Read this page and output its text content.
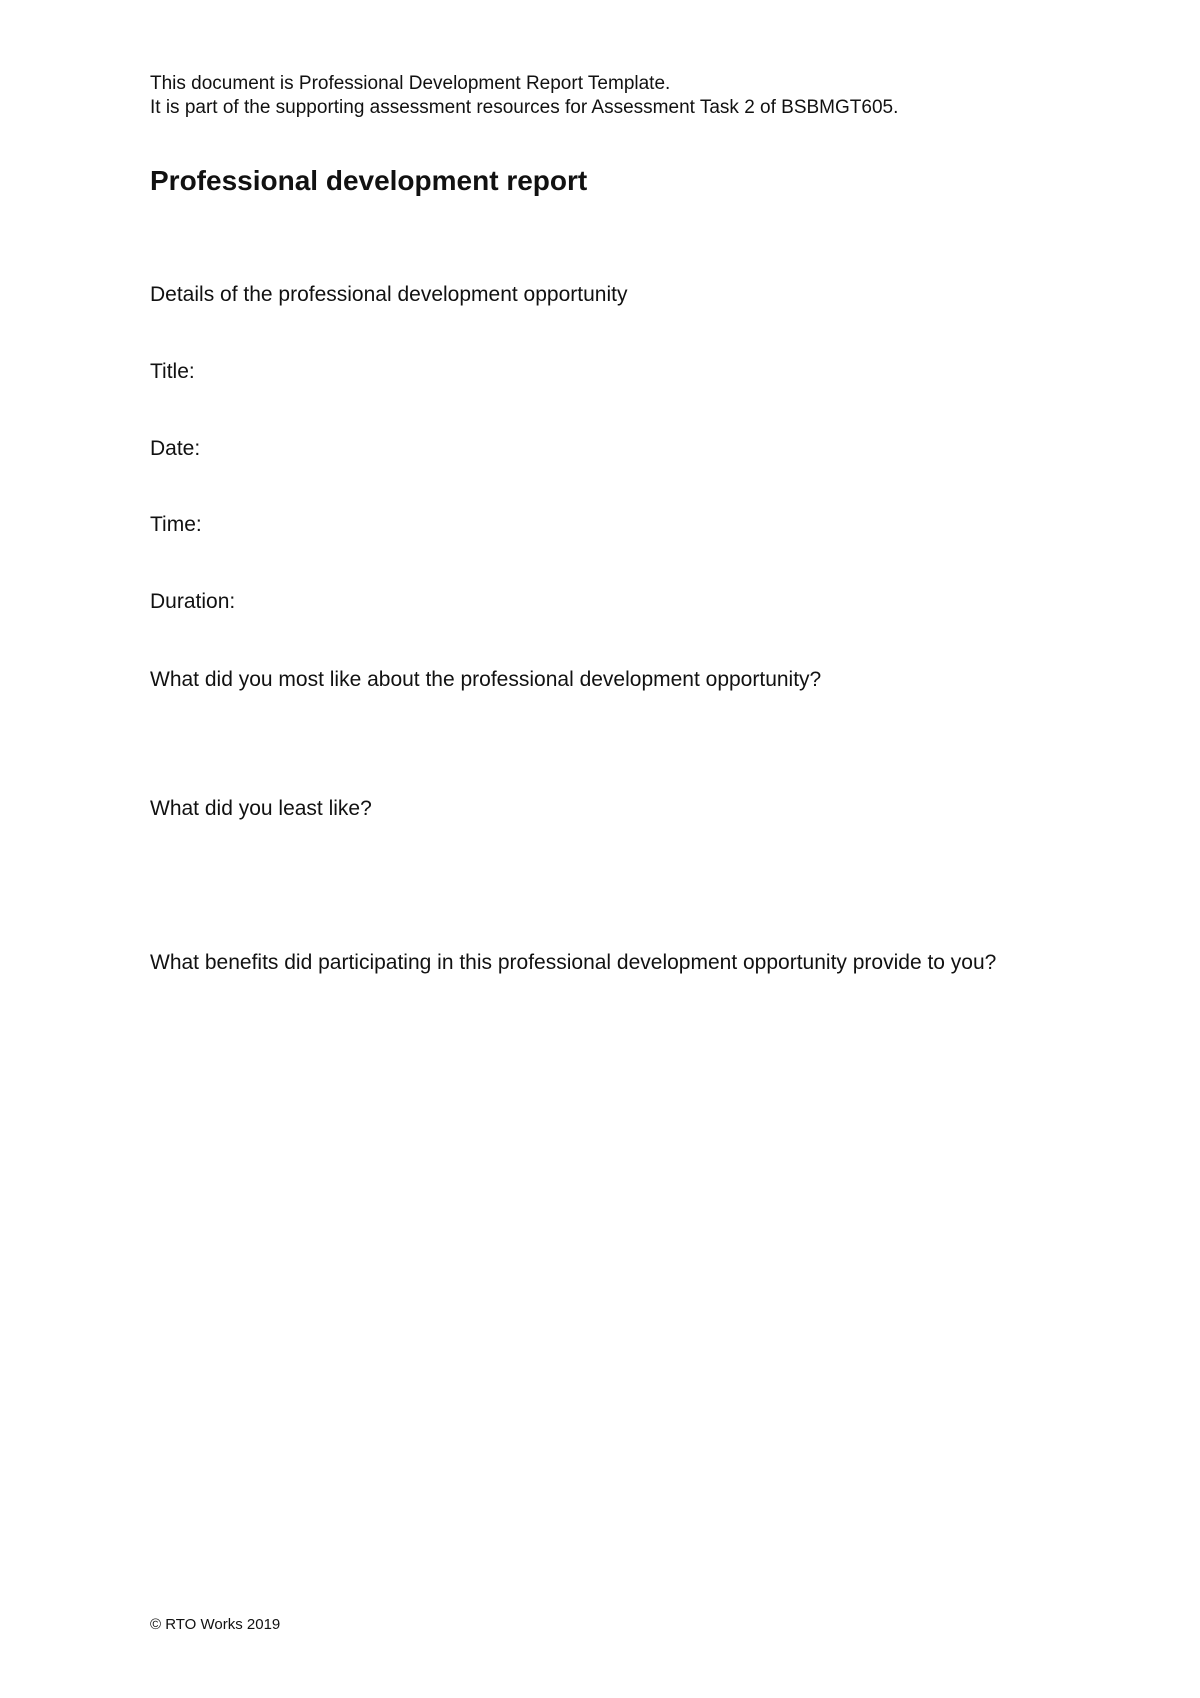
This document is Professional Development Report Template.
It is part of the supporting assessment resources for Assessment Task 2 of BSBMGT605.
Professional development report
Details of the professional development opportunity
Title:
Date:
Time:
Duration:
What did you most like about the professional development opportunity?
What did you least like?
What benefits did participating in this professional development opportunity provide to you?
© RTO Works 2019
